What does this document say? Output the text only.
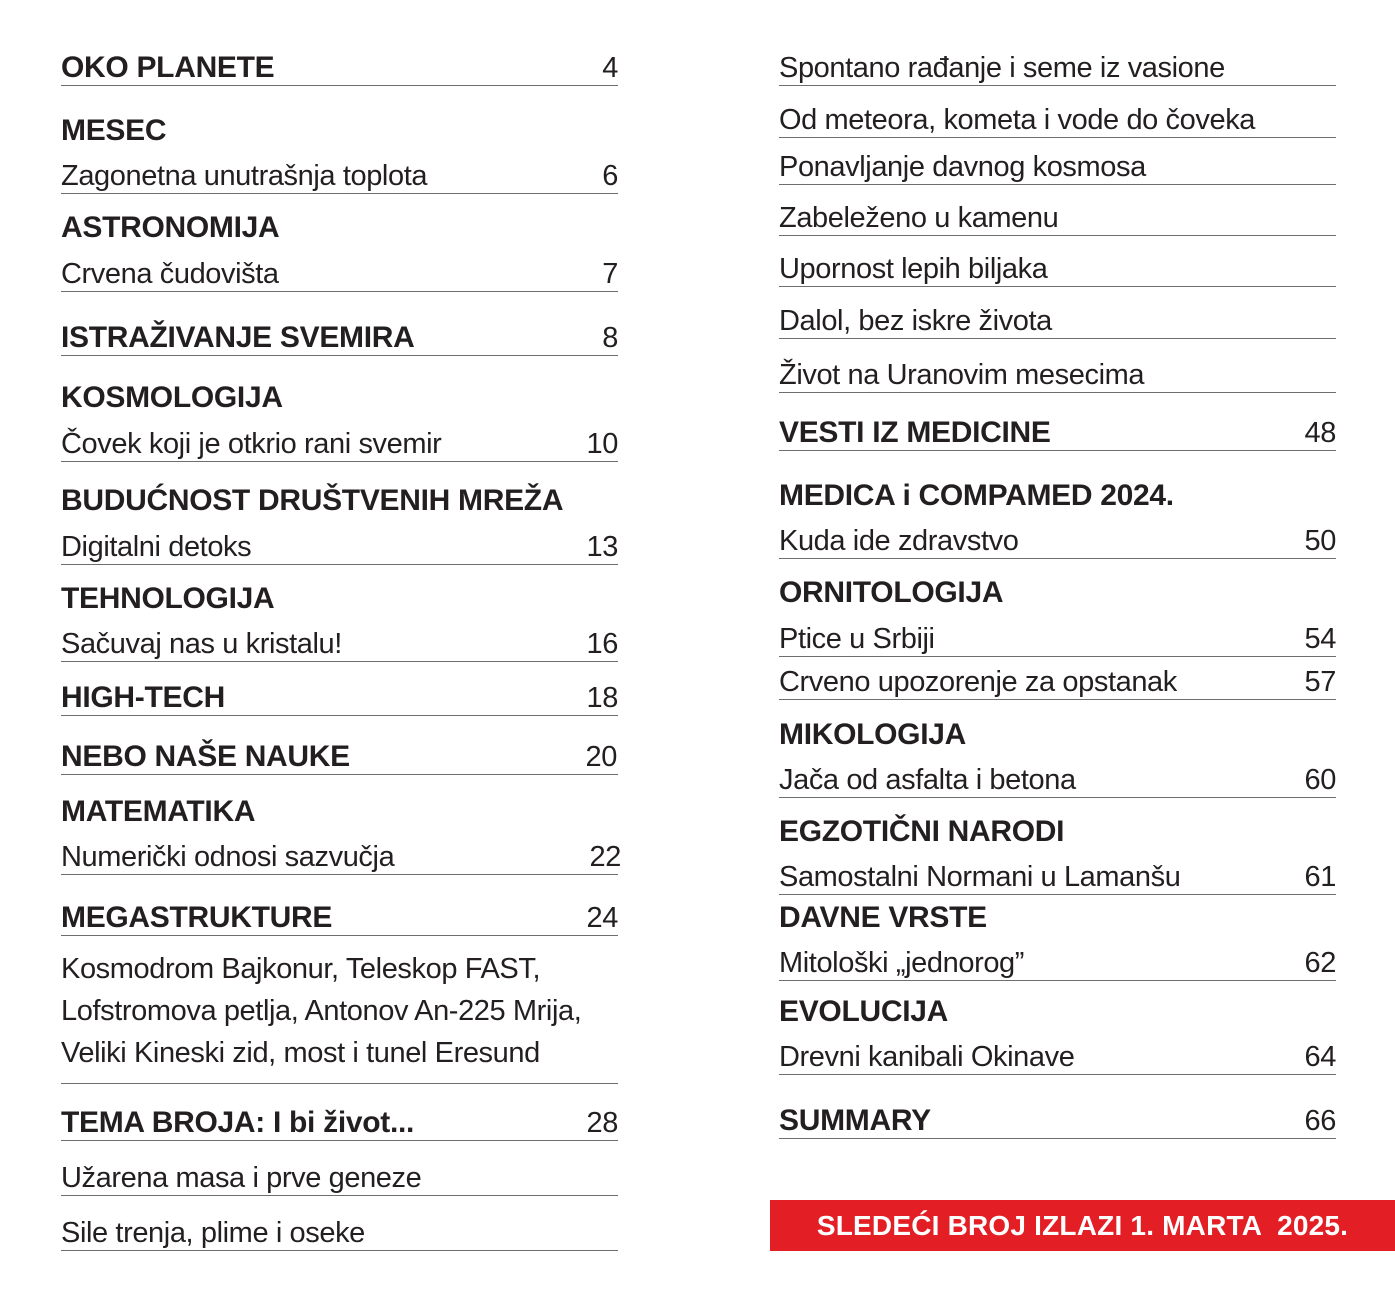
OKO PLANETE	4
MESEC
Zagonetna unutrašnja toplota	6
ASTRONOMIJA
Crvena čudovišta	7
ISTRAŽIVANJE SVEMIRA	8
KOSMOLOGIJA
Čovek koji je otkrio rani svemir	10
BUDUĆNOST DRUŠTVENIH MREŽA
Digitalni detoks	13
TEHNOLOGIJA
Sačuvaj nas u kristalu!	16
HIGH-TECH	18
NEBO NAŠE NAUKE	20
MATEMATIKA
Numerički odnosi sazvučja	22
MEGASTRUKTURE	24
Kosmodrom Bajkonur, Teleskop FAST,
Lofstromova petlja, Antonov An-225 Mrija,
Veliki Kineski zid, most i tunel Eresund
TEMA BROJA: I bi život...	28
Užarena masa i prve geneze
Sile trenja, plime i oseke
Spontano rađanje i seme iz vasione
Od meteora, kometa i vode do čoveka
Ponavljanje davnog kosmosa
Zabeleženo u kamenu
Upornost lepih biljaka
Dalol, bez iskre života
Život na Uranovim mesecima
VESTI IZ MEDICINE	48
MEDICA i COMPAMED 2024.
Kuda ide zdravstvo	50
ORNITOLOGIJA
Ptice u Srbiji	54
Crveno upozorenje za opstanak	57
MIKOLOGIJA
Jača od asfalta i betona	60
EGZOTIČNI NARODI
Samostalni Normani u Lamanšu	61
DAVNE VRSTE
Mitološki „jednorog”	62
EVOLUCIJA
Drevni kanibali Okinave	64
SUMMARY	66
SLEDEĆI BROJ IZLAZI 1. MARTA  2025.
